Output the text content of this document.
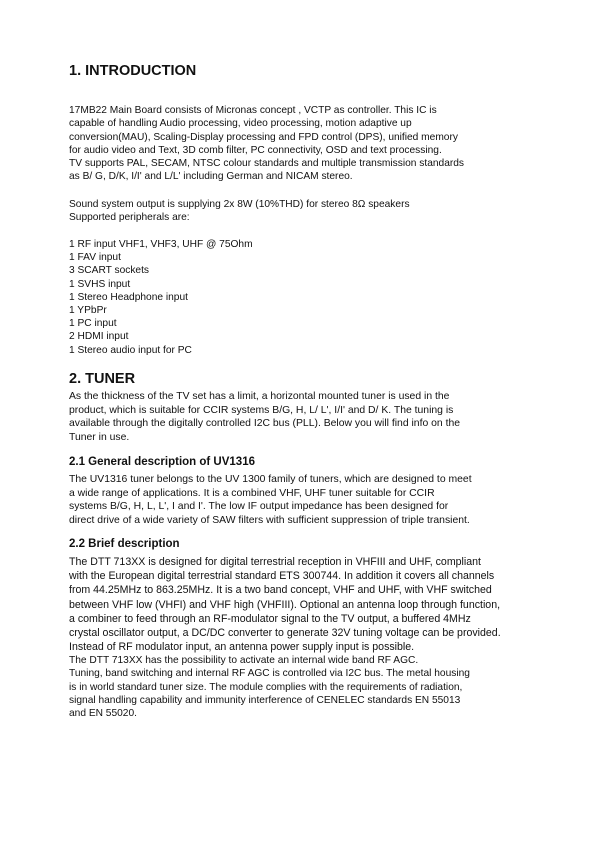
1. INTRODUCTION
17MB22 Main Board consists of Micronas concept , VCTP as controller. This IC is
capable of handling Audio processing, video processing, motion adaptive up
conversion(MAU), Scaling-Display processing and FPD control (DPS), unified memory
for audio video and Text, 3D comb filter, PC connectivity, OSD and text processing.
TV supports PAL, SECAM, NTSC colour standards and multiple transmission standards
as B/ G, D/K, I/I' and L/L' including German and NICAM stereo.
Sound system output is supplying 2x 8W (10%THD) for stereo 8Ω speakers
Supported peripherals are:
1 RF input VHF1, VHF3, UHF @ 75Ohm
1 FAV input
3 SCART sockets
1 SVHS input
1 Stereo Headphone input
1 YPbPr
1 PC input
2 HDMI input
1 Stereo audio input for PC
2. TUNER
As the thickness of the TV set has a limit, a horizontal mounted tuner is used in the
product, which is suitable for CCIR systems B/G, H, L/ L', I/I' and D/ K. The tuning is
available through the digitally controlled I2C bus (PLL). Below you will find info on the
Tuner in use.
2.1 General description of UV1316
The UV1316 tuner belongs to the UV 1300 family of tuners, which are designed to meet
a wide range of applications. It is a combined VHF, UHF tuner suitable for CCIR
systems B/G, H, L, L', I and I'. The low IF output impedance has been designed for
direct drive of a wide variety of SAW filters with sufficient suppression of triple transient.
2.2 Brief description
The DTT 713XX is designed for digital terrestrial reception in VHFIII and UHF, compliant
with the European digital terrestrial standard ETS 300744. In addition it covers all channels
from 44.25MHz to 863.25MHz. It is a two band concept, VHF and UHF, with VHF switched
between VHF low (VHFI) and VHF high (VHFIII). Optional an antenna loop through function,
a combiner to feed through an RF-modulator signal to the TV output, a buffered 4MHz
crystal oscillator output, a DC/DC converter to generate 32V tuning voltage can be provided.
Instead of RF modulator input, an antenna power supply input is possible.
The DTT 713XX has the possibility to activate an internal wide band RF AGC.
Tuning, band switching and internal RF AGC is controlled via I2C bus. The metal housing
is in world standard tuner size. The module complies with the requirements of radiation,
signal handling capability and immunity interference of CENELEC standards EN 55013
and EN 55020.
